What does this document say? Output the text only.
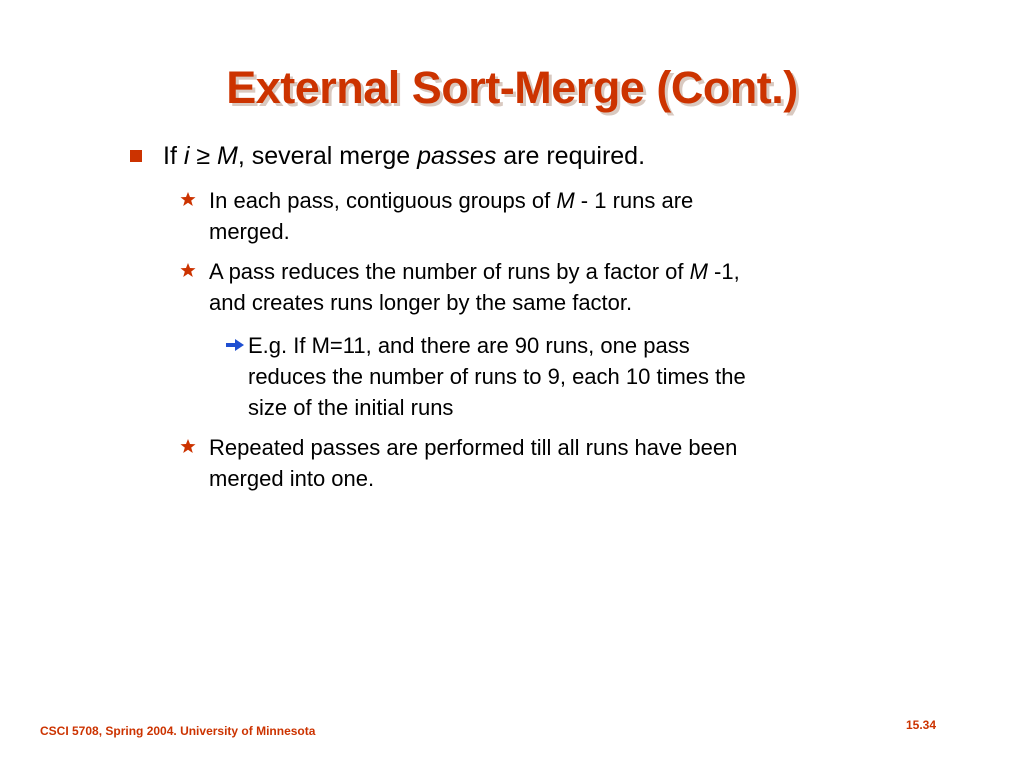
External Sort-Merge (Cont.)
If i ≥ M, several merge passes are required.
In each pass, contiguous groups of M - 1 runs are
merged.
A pass reduces the number of runs by a factor of M -1,
and creates runs longer by the same factor.
E.g. If M=11, and there are 90 runs, one pass
reduces the number of runs to 9, each 10 times the
size of the initial runs
Repeated passes are performed till all runs have been
merged into one.
CSCI 5708, Spring 2004. University of Minnesota	15.34
